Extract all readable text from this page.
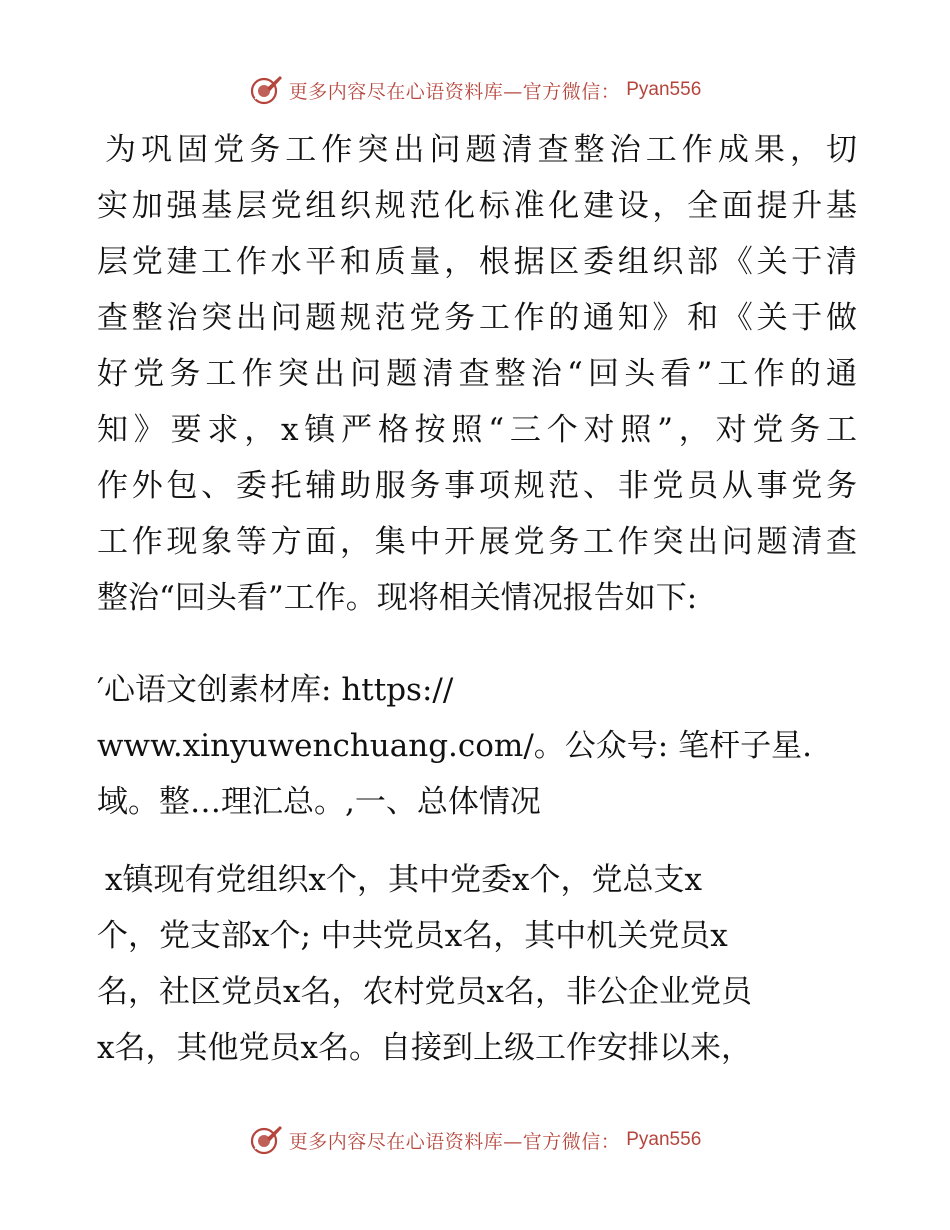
更多内容尽在心语资料库—官方微信： Pyan556
为巩固党务工作突出问题清查整治工作成果，切
实加强基层党组织规范化标准化建设，全面提升基
层党建工作水平和质量，根据区委组织部《关于清
查整治突出问题规范党务工作的通知》和《关于做
好党务工作突出问题清查整治“回头看”工作的通
知》要求，x镇严格按照“三个对照”，对党务工
作外包、委托辅助服务事项规范、非党员从事党务
工作现象等方面，集中开展党务工作突出问题清查
整治“回头看”工作。现将相关情况报告如下:
′心语文创素材库: https://
www.xinyuwenchuang.com/。公众号: 笔杆子星.
域。整…理汇总。,一、总体情况
x镇现有党组织x个，其中党委x个，党总支x
个，党支部x个; 中共党员x名，其中机关党员x
名，社区党员x名，农村党员x名，非公企业党员
x名，其他党员x名。自接到上级工作安排以来，
更多内容尽在心语资料库—官方微信： Pyan556
